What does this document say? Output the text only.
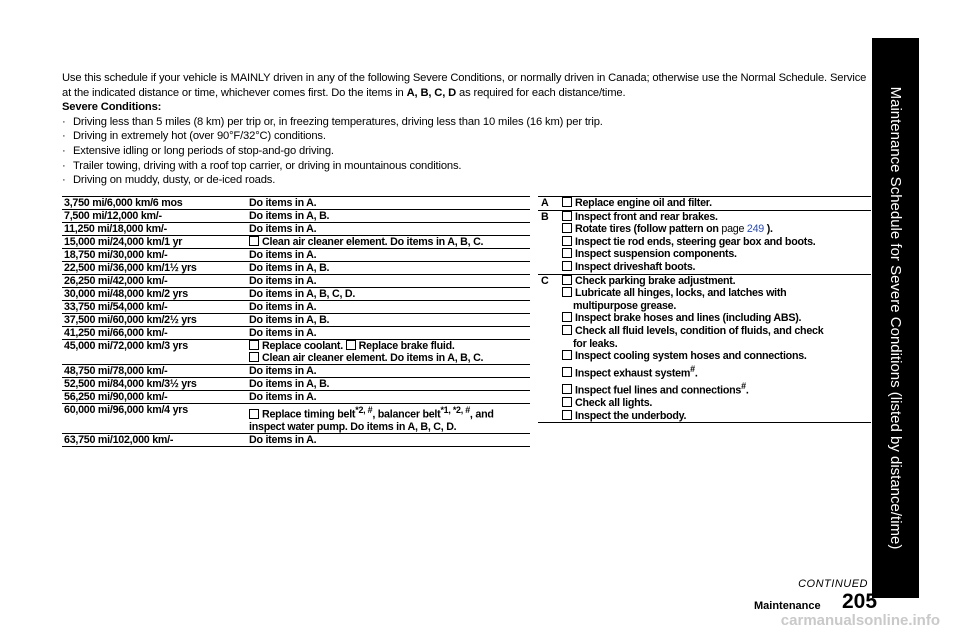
Use this schedule if your vehicle is MAINLY driven in any of the following Severe Conditions, or normally driven in Canada; otherwise use the Normal Schedule. Service at the indicated distance or time, whichever comes first. Do the items in A, B, C, D as required for each distance/time.

Severe Conditions:

· Driving less than 5 miles (8 km) per trip or, in freezing temperatures, driving less than 10 miles (16 km) per trip.

· Driving in extremely hot (over 90°F/32°C) conditions.

· Extensive idling or long periods of stop-and-go driving.

· Trailer towing, driving with a roof top carrier, or driving in mountainous conditions.

· Driving on muddy, dusty, or de-iced roads.

3,750 mi/6,000 km/6 mos	Do items in A.
7,500 mi/12,000 km/-	Do items in A, B.
11,250 mi/18,000 km/-	Do items in A.
15,000 mi/24,000 km/1 yr	Clean air cleaner element. Do items in A, B, C.
18,750 mi/30,000 km/-	Do items in A.
22,500 mi/36,000 km/1½ yrs	Do items in A, B.
26,250 mi/42,000 km/-	Do items in A.
30,000 mi/48,000 km/2 yrs	Do items in A, B, C, D.
33,750 mi/54,000 km/-	Do items in A.
37,500 mi/60,000 km/2½ yrs	Do items in A, B.
41,250 mi/66,000 km/-	Do items in A.
45,000 mi/72,000 km/3 yrs	Replace coolant. Replace brake fluid.
Clean air cleaner element. Do items in A, B, C.
48,750 mi/78,000 km/-	Do items in A.
52,500 mi/84,000 km/3½ yrs	Do items in A, B.
56,250 mi/90,000 km/-	Do items in A.
60,000 mi/96,000 km/4 yrs	Replace timing belt$^{*2, \#}$, balancer belt$^{*1, *2, \#}$, and inspect water pump. Do items in A, B, C, D.
63,750 mi/102,000 km/-	Do items in A.
A Replace engine oil and filter.
B Inspect front and rear brakes.
Rotate tires (follow pattern on page 249 ).
Inspect tie rod ends, steering gear box and boots.
Inspect suspension components.
Inspect driveshaft boots.
C Check parking brake adjustment.
Lubricate all hinges, locks, and latches with
multipurpose grease.
Inspect brake hoses and lines (including ABS).
Check all fluid levels, condition of fluids, and check
for leaks.
Inspect cooling system hoses and connections.
Inspect exhaust system#.
Inspect fuel lines and connections#.
Check all lights.
Inspect the underbody.	Maintenance Schedule for Severe Conditions (listed by distance/time)
CONTINUED
Maintenance 205
carmanualsonline.info
